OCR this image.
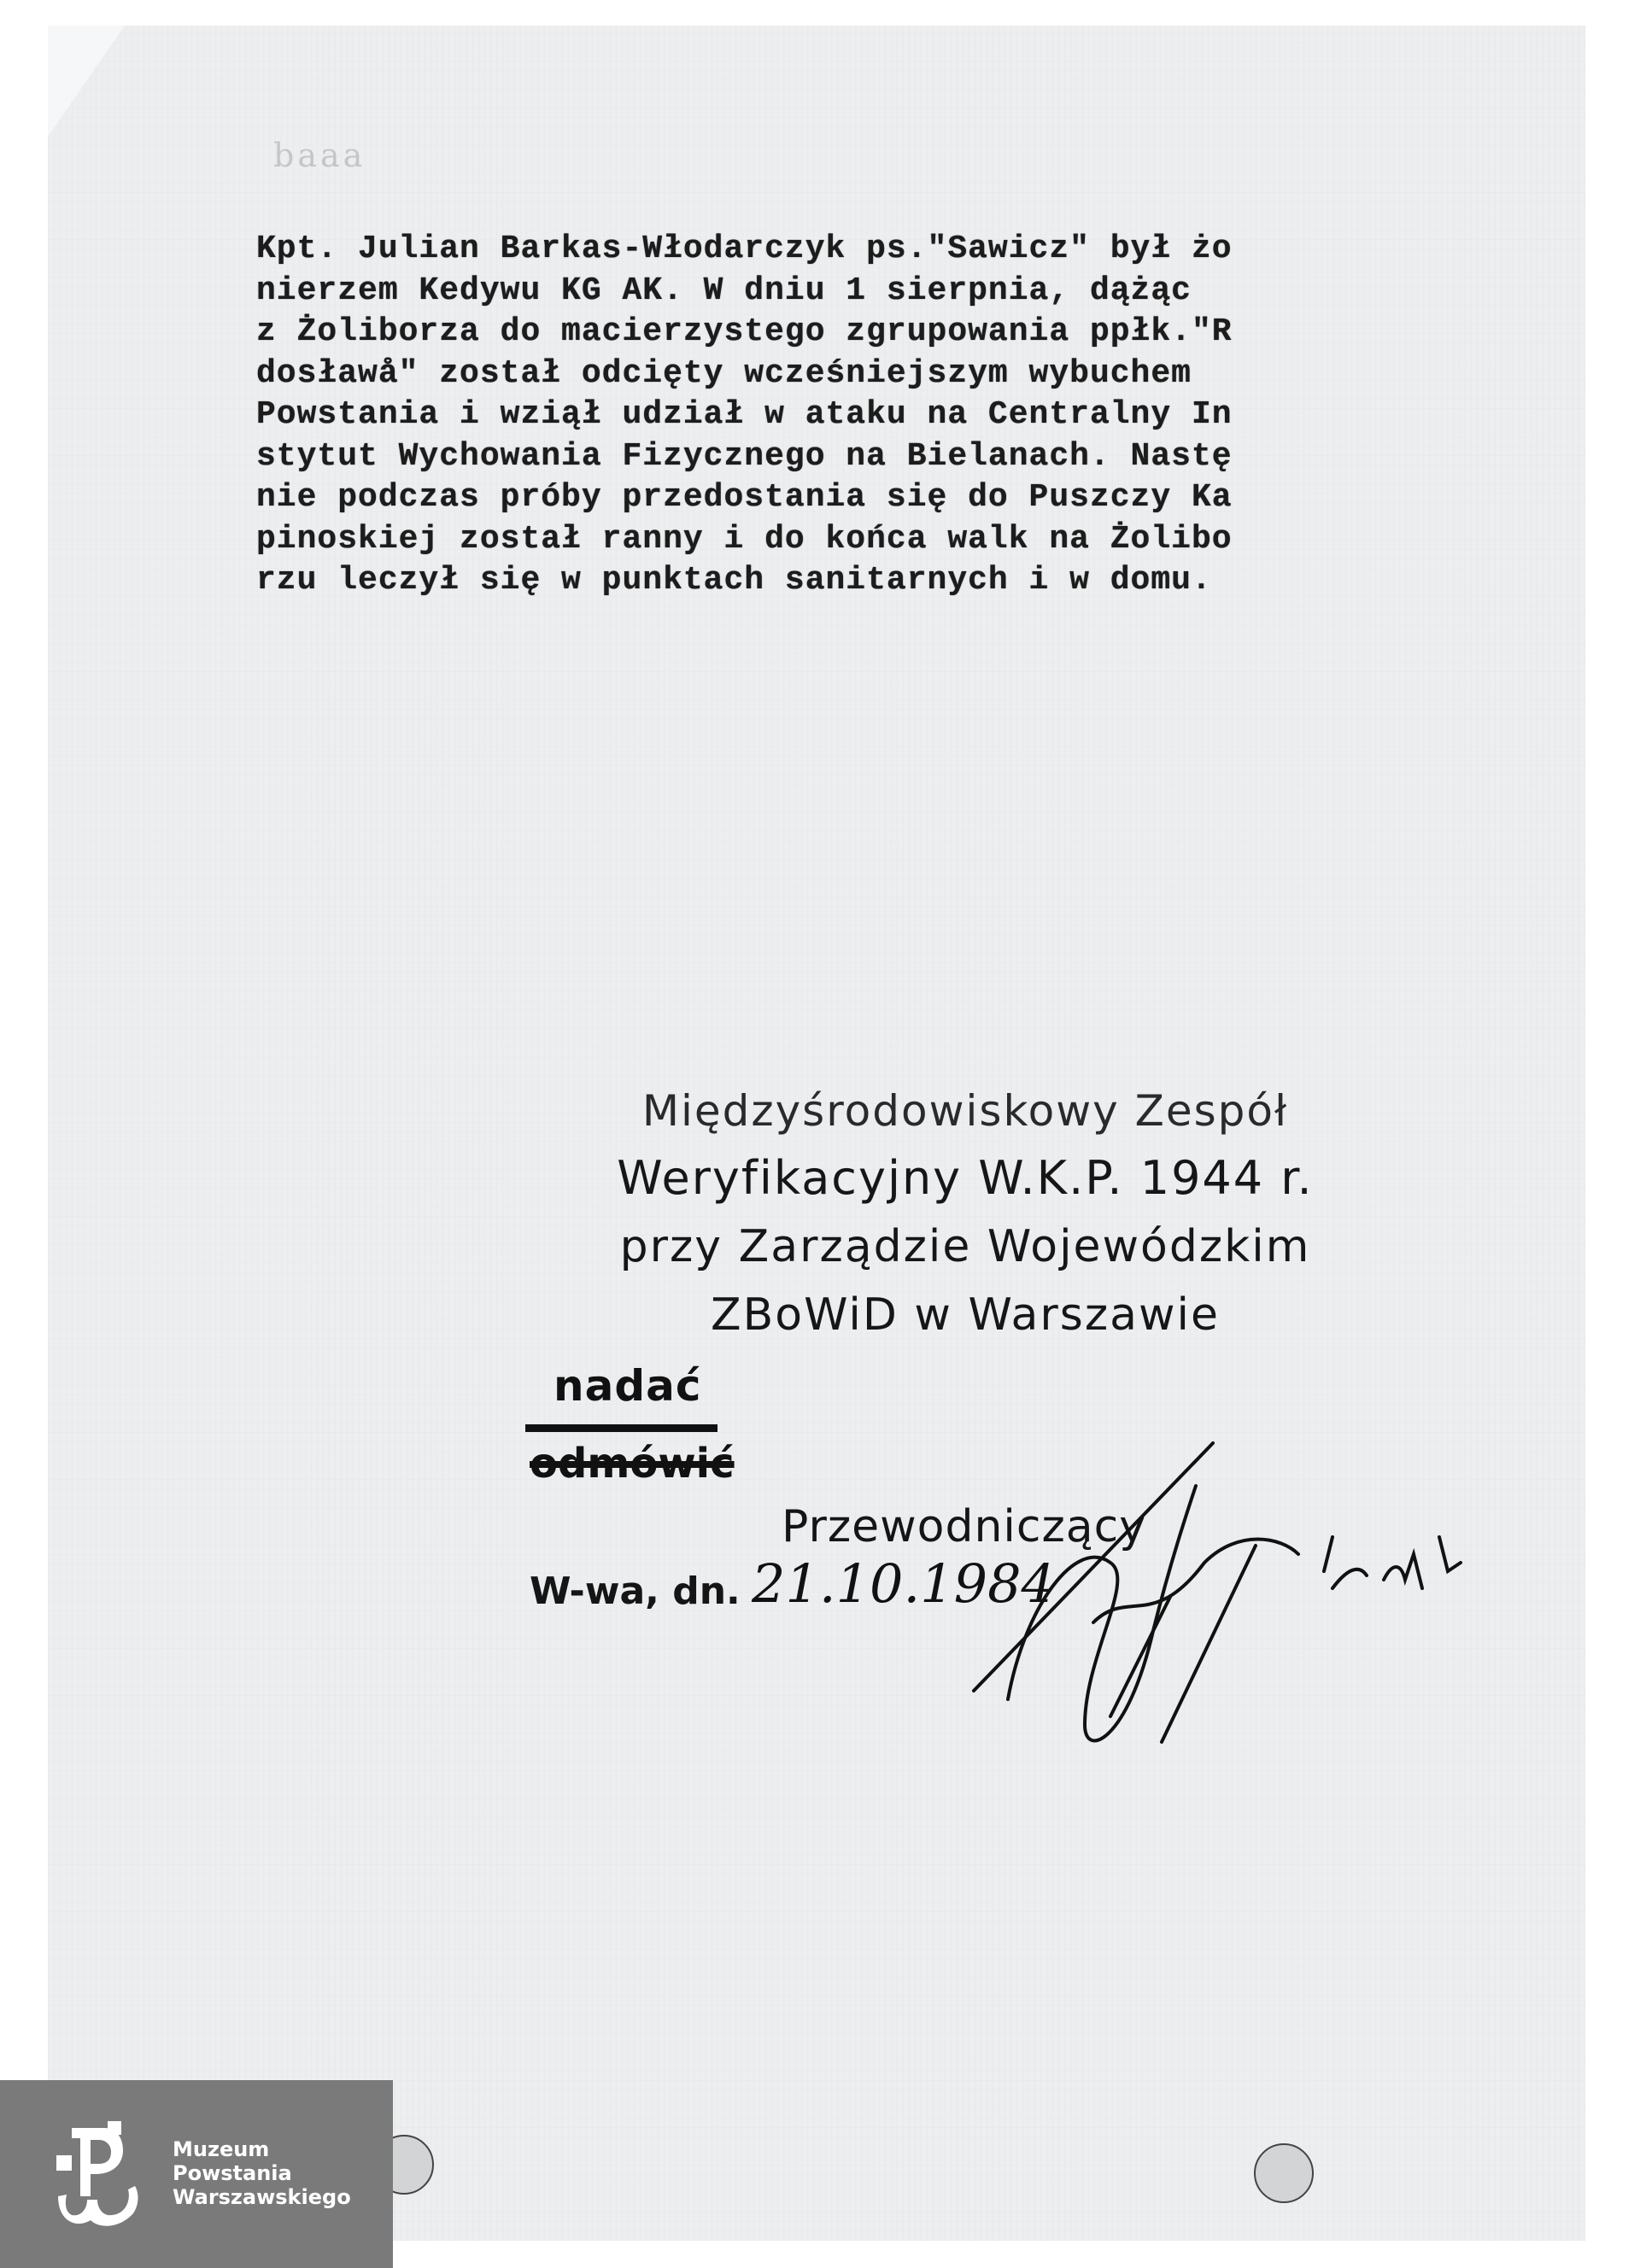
baaa
Kpt. Julian Barkas-Włodarczyk ps."Sawicz" był żo
nierzem Kedywu KG AK. W dniu 1 sierpnia, dążąc
z Żoliborza do macierzystego zgrupowania ppłk."R
dosławå" został odcięty wcześniejszym wybuchem
Powstania i wziął udział w ataku na Centralny In
stytut Wychowania Fizycznego na Bielanach. Nastę
nie podczas próby przedostania się do Puszczy Ka
pinoskiej został ranny i do końca walk na Żolibo
rzu leczył się w punktach sanitarnych i w domu.
Międzyśrodowiskowy Zespół
Weryfikacyjny W.K.P. 1944 r.
przy Zarządzie Wojewódzkim
ZBoWiD w Warszawie
nadać
odmówić
Przewodniczący
W-wa, dn. 21.10.1984
Muzeum
Powstania
Warszawskiego
